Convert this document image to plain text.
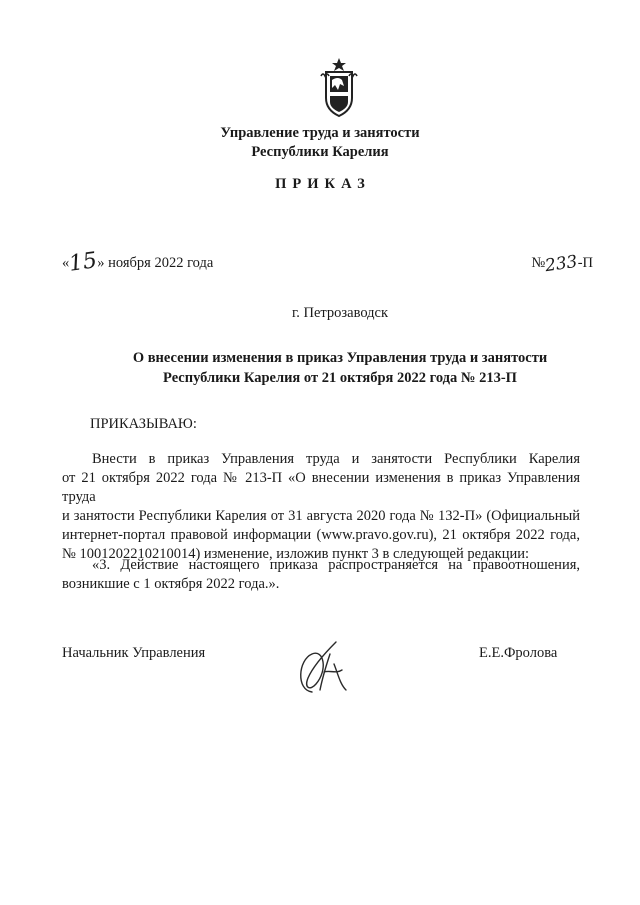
Управление труда и занятости
Республики Карелия
ПРИКАЗ
«15» ноября 2022 года	№233-П
г. Петрозаводск
О внесении изменения в приказ Управления труда и занятости
Республики Карелия от 21 октября 2022 года № 213-П
ПРИКАЗЫВАЮ:
Внести в приказ Управления труда и занятости Республики Карелия
от 21 октября 2022 года № 213-П «О внесении изменения в приказ Управления труда
и занятости Республики Карелия от 31 августа 2020 года № 132-П» (Официальный
интернет-портал правовой информации (www.pravo.gov.ru), 21 октября 2022 года,
№ 1001202210210014) изменение, изложив пункт 3 в следующей редакции:
«3. Действие настоящего приказа распространяется на правоотношения,
возникшие с 1 октября 2022 года.».
Начальник Управления	Е.Е.Фролова
